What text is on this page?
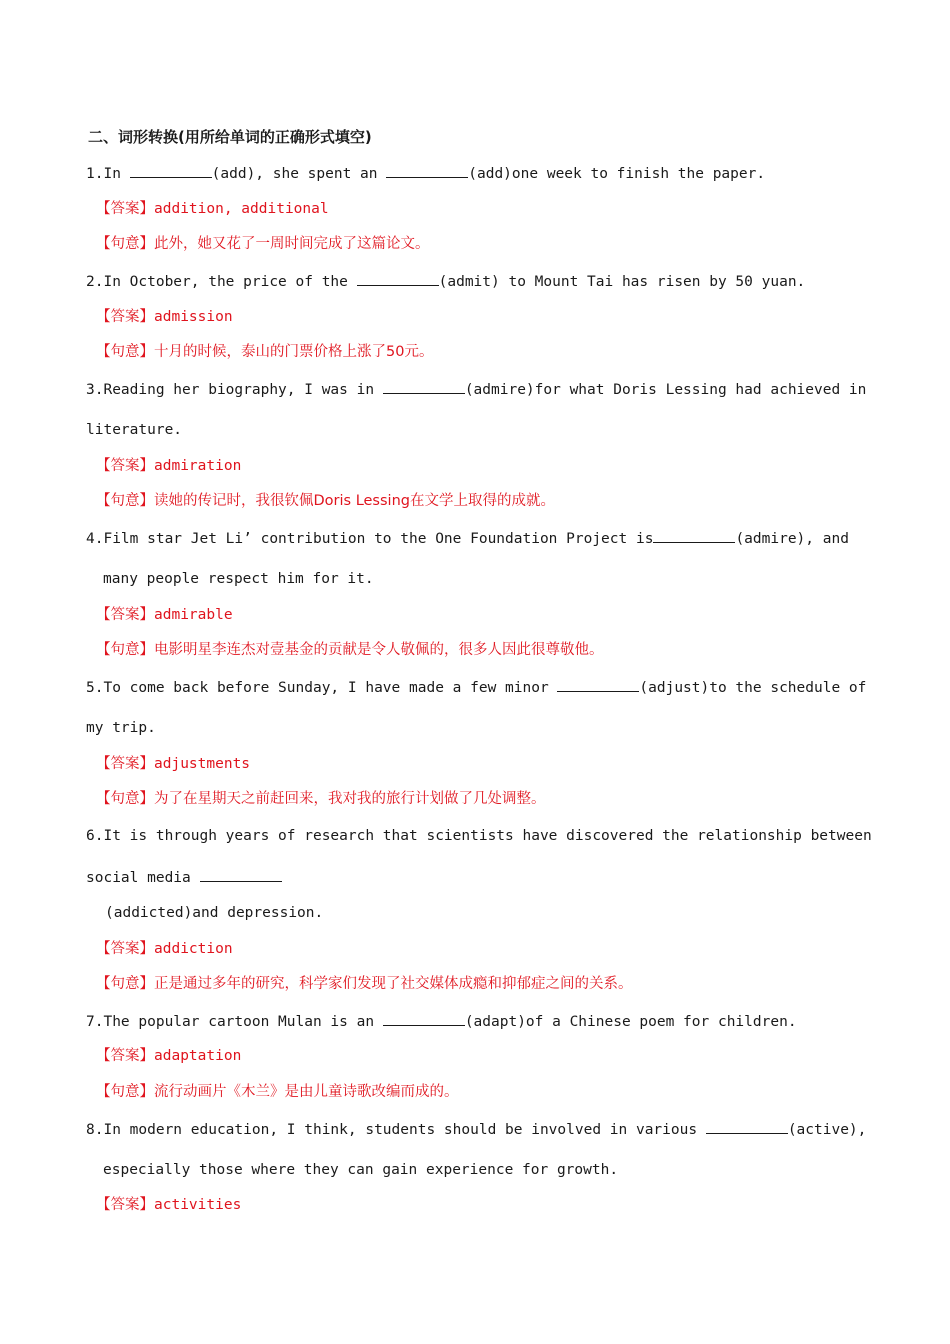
二、词形转换(用所给单词的正确形式填空)
1.In	(add), she spent an	(add)one week to finish the paper.
【答案】addition, additional
【句意】此外，她又花了一周时间完成了这篇论文。
2.In October, the price of the	(admit) to Mount Tai has risen by 50 yuan.
【答案】admission
【句意】十月的时候，泰山的门票价格上涨了50元。
3.Reading her biography, I was in	(admire)for what Doris Lessing had achieved in
literature.
【答案】admiration
【句意】读她的传记时，我很钦佩Doris Lessing在文学上取得的成就。
4.Film star Jet Li’ contribution to the One Foundation Project is	(admire), and
many people respect him for it.
【答案】admirable
【句意】电影明星李连杰对壹基金的贡献是令人敬佩的，很多人因此很尊敬他。
5.To come back before Sunday, I have made a few minor	(adjust)to the schedule of
my trip.
【答案】adjustments
【句意】为了在星期天之前赶回来，我对我的旅行计划做了几处调整。
6.It is through years of research that scientists have discovered the relationship between
social media
(addicted)and depression.
【答案】addiction
【句意】正是通过多年的研究，科学家们发现了社交媒体成瘾和抑郁症之间的关系。
7.The popular cartoon Mulan is an	(adapt)of a Chinese poem for children.
【答案】adaptation
【句意】流行动画片《木兰》是由儿童诗歌改编而成的。
8.In modern education, I think, students should be involved in various	(active),
especially those where they can gain experience for growth.
【答案】activities
